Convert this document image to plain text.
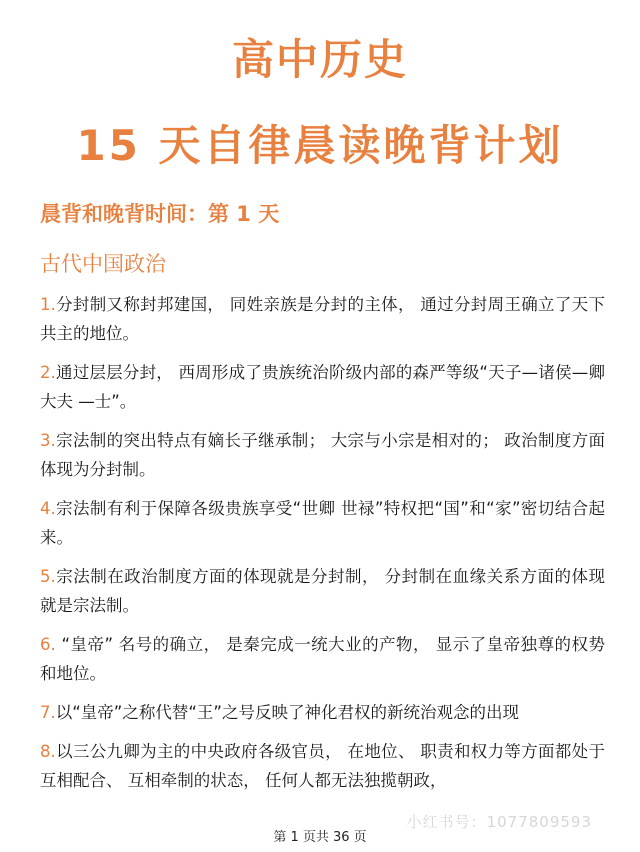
高中历史
15 天自律晨读晚背计划
晨背和晚背时间：第 1 天
古代中国政治
1.分封制又称封邦建国， 同姓亲族是分封的主体， 通过分封周王确立了天下共主的地位。
2.通过层层分封， 西周形成了贵族统治阶级内部的森严等级“天子—诸侯—卿大夫 —士”。
3.宗法制的突出特点有嫡长子继承制； 大宗与小宗是相对的； 政治制度方面体现为分封制。
4.宗法制有利于保障各级贵族享受“世卿 世禄”特权把“国”和“家”密切结合起来。
5.宗法制在政治制度方面的体现就是分封制， 分封制在血缘关系方面的体现就是宗法制。
6. “皇帝” 名号的确立， 是秦完成一统大业的产物， 显示了皇帝独尊的权势和地位。
7.以“皇帝”之称代替“王”之号反映了神化君权的新统治观念的出现
8.以三公九卿为主的中央政府各级官员， 在地位、 职责和权力等方面都处于互相配合、 互相牵制的状态， 任何人都无法独揽朝政，
小红书号：1077809593
第 1 页共 36 页
